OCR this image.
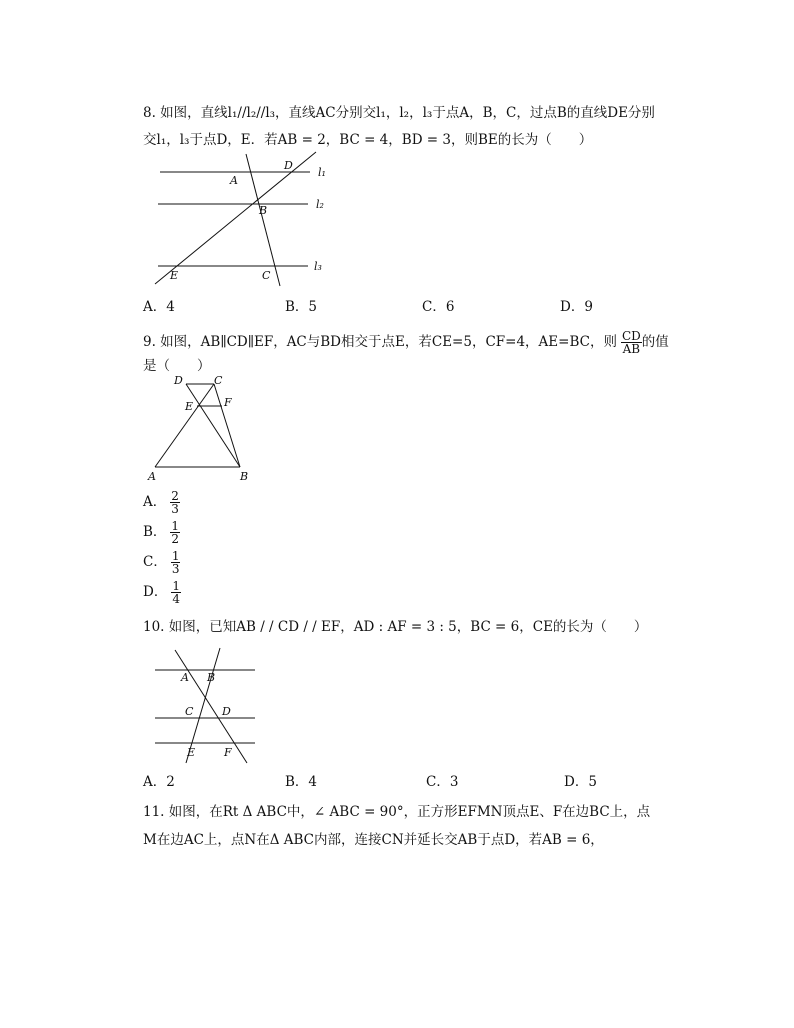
8. 如图，直线l₁//l₂//l₃，直线AC分别交l₁，l₂，l₃于点A，B，C，过点B的直线DE分别
交l₁，l₃于点D，E．若AB = 2，BC = 4，BD = 3，则BE的长为（　　）
D
A
B
E	C
l₁
l₂
l₃
A．4	B．5	C．6	D．9
9. 如图，AB∥CD∥EF，AC与BD相交于点E，若CE=5，CF=4，AE=BC，则 $\frac{CD}{AB}$ 的值
是（　　）
D	C
E	F
A	B
A． $\frac{2}{3}$
B． $\frac{1}{2}$
C． $\frac{1}{3}$
D． $\frac{1}{4}$
10. 如图，已知AB / / CD / / EF，AD : AF = 3 : 5，BC = 6，CE的长为（　　）
A B
C	D
E	F
A．2	B．4	C．3	D．5
11. 如图，在Rt Δ ABC中，∠ ABC = 90°，正方形EFMN顶点E、F在边BC上，点
M在边AC上，点N在Δ ABC内部，连接CN并延长交AB于点D，若AB = 6，
